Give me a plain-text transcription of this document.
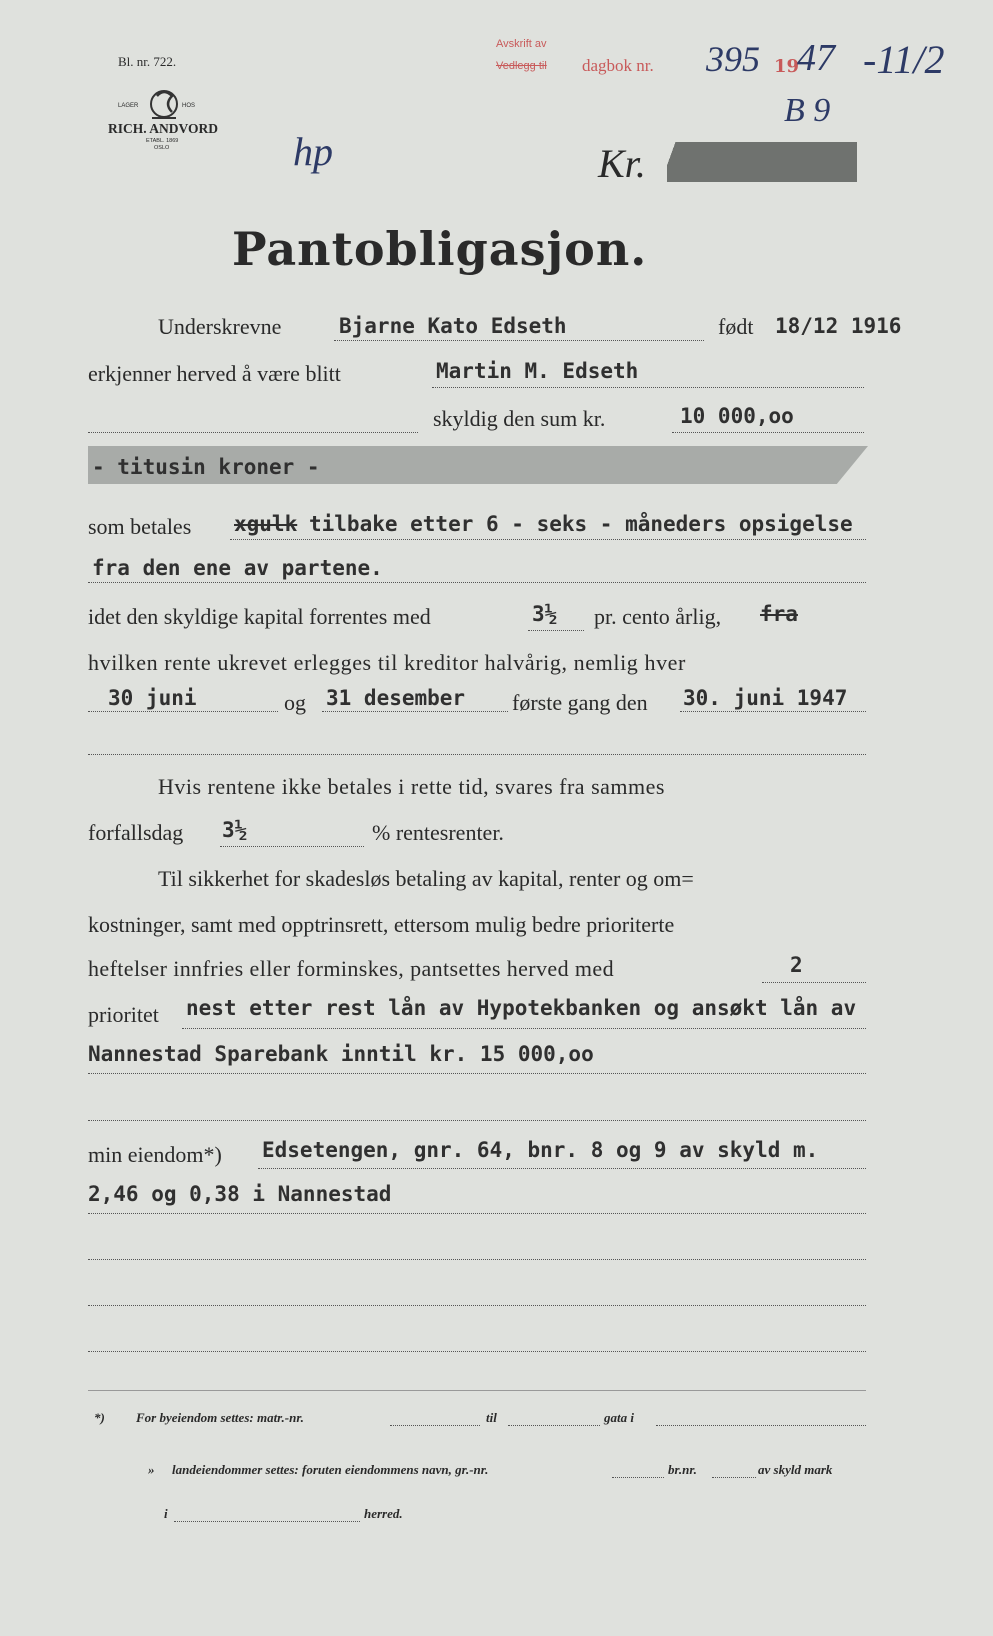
Bl. nr. 722.
LAGER	HOS
RICH. ANDVORD
ETABL. 1869
OSLO
Avskrift av
Vedlegg til dagbok nr. 395 19
47 -11/2
B 9
hp	Kr.
Pantobligasjon.
Underskrevne	Bjarne Kato Edseth	født 18/12 1916
erkjenner herved å være blitt	Martin M. Edseth
skyldig den sum kr.	10 000,oo
- titusin kroner -
som betales xgulk tilbake etter 6 - seks - måneders opsigelse
fra den ene av partene.
idet den skyldige kapital forrentes med	3½ pr. cento årlig, fra
hvilken rente ukrevet erlegges til kreditor halvårig, nemlig hver
30 juni	og 31 desember første gang den 30. juni 1947
Hvis rentene ikke betales i rette tid, svares fra sammes
forfallsdag 3½	% rentesrenter.
Til sikkerhet for skadesløs betaling av kapital, renter og om=
kostninger, samt med opptrinsrett, ettersom mulig bedre prioriterte
heftelser innfries eller forminskes, pantsettes herved med	2
prioritet nest etter rest lån av Hypotekbanken og ansøkt lån av
Nannestad Sparebank inntil kr. 15 000,oo
min eiendom*) Edsetengen, gnr. 64, bnr. 8 og 9 av skyld m.
2,46 og 0,38 i Nannestad
*) For byeiendom settes: matr.-nr.	til	gata i
» landeiendommer settes: foruten eiendommens navn, gr.-nr.	br.nr.	av skyld mark
i	herred.
